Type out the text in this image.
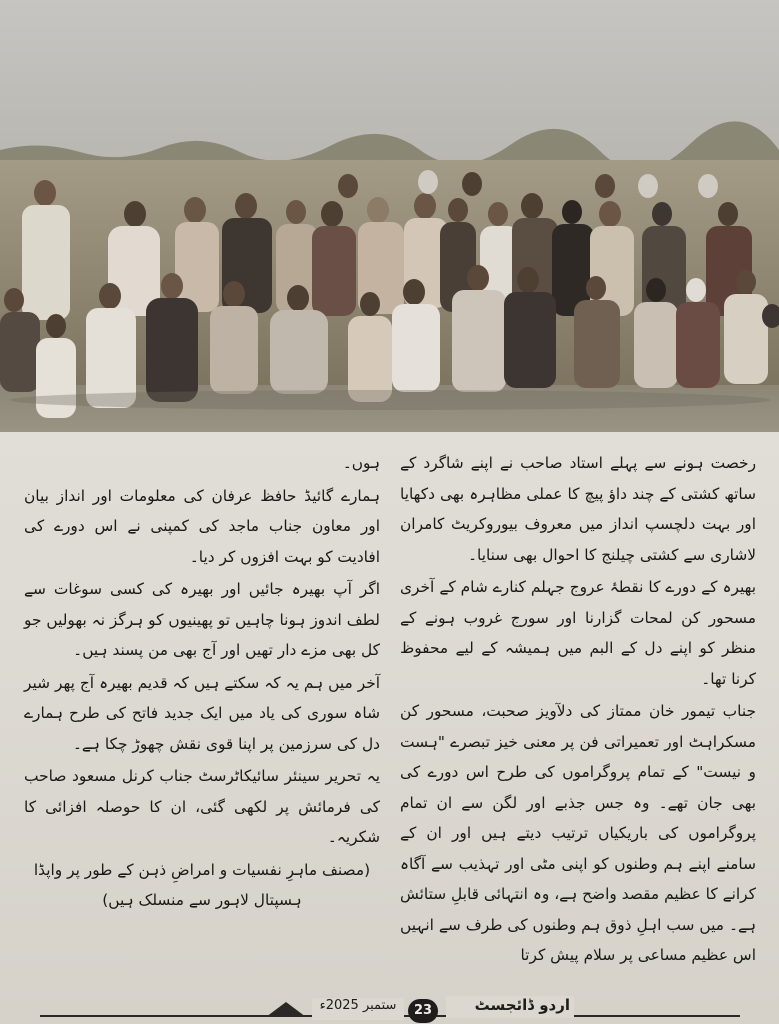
رخصت ہونے سے پہلے استاد صاحب نے اپنے شاگرد کے ساتھ کشتی کے چند داؤ پیچ کا عملی مظاہرہ بھی دکھایا اور بہت دلچسپ انداز میں معروف بیوروکریٹ کامران لاشاری سے کشتی چیلنج کا احوال بھی سنایا۔

بھیرہ کے دورے کا نقطۂ عروج جہلم کنارے شام کے آخری مسحور کن لمحات گزارنا اور سورج غروب ہونے کے منظر کو اپنے دل کے البم میں ہمیشہ کے لیے محفوظ کرنا تھا۔

جناب تیمور خان ممتاز کی دلآویز صحبت، مسحور کن مسکراہٹ اور تعمیراتی فن پر معنی خیز تبصرے "ہست و نیست" کے تمام پروگراموں کی طرح اس دورے کی بھی جان تھے۔ وہ جس جذبے اور لگن سے ان تمام پروگراموں کی باریکیاں ترتیب دیتے ہیں اور ان کے سامنے اپنے ہم وطنوں کو اپنی مٹی اور تہذیب سے آگاہ کرانے کا عظیم مقصد واضح ہے، وہ انتہائی قابلِ ستائش ہے۔ میں سب اہلِ ذوق ہم وطنوں کی طرف سے انہیں اس عظیم مساعی پر سلام پیش کرتا

ہوں۔

ہمارے گائیڈ حافظ عرفان کی معلومات اور انداز بیان اور معاون جناب ماجد کی کمپنی نے اس دورے کی افادیت کو بہت افزوں کر دیا۔

اگر آپ بھیرہ جائیں اور بھیرہ کی کسی سوغات سے لطف اندوز ہونا چاہیں تو پھینیوں کو ہرگز نہ بھولیں جو کل بھی مزے دار تھیں اور آج بھی من پسند ہیں۔

آخر میں ہم یہ کہ سکتے ہیں کہ قدیم بھیرہ آج پھر شیر شاہ سوری کی یاد میں ایک جدید فاتح کی طرح ہمارے دل کی سرزمین پر اپنا قوی نقش چھوڑ چکا ہے۔

یہ تحریر سینئر سائیکاٹرسٹ جناب کرنل مسعود صاحب کی فرمائش پر لکھی گئی، ان کا حوصلہ افزائی کا شکریہ۔

(مصنف ماہرِ نفسیات و امراضِ ذہن کے طور پر واپڈا ہسپتال لاہور سے منسلک ہیں)

ستمبر 2025ء	23	اردو ڈائجسٹ
